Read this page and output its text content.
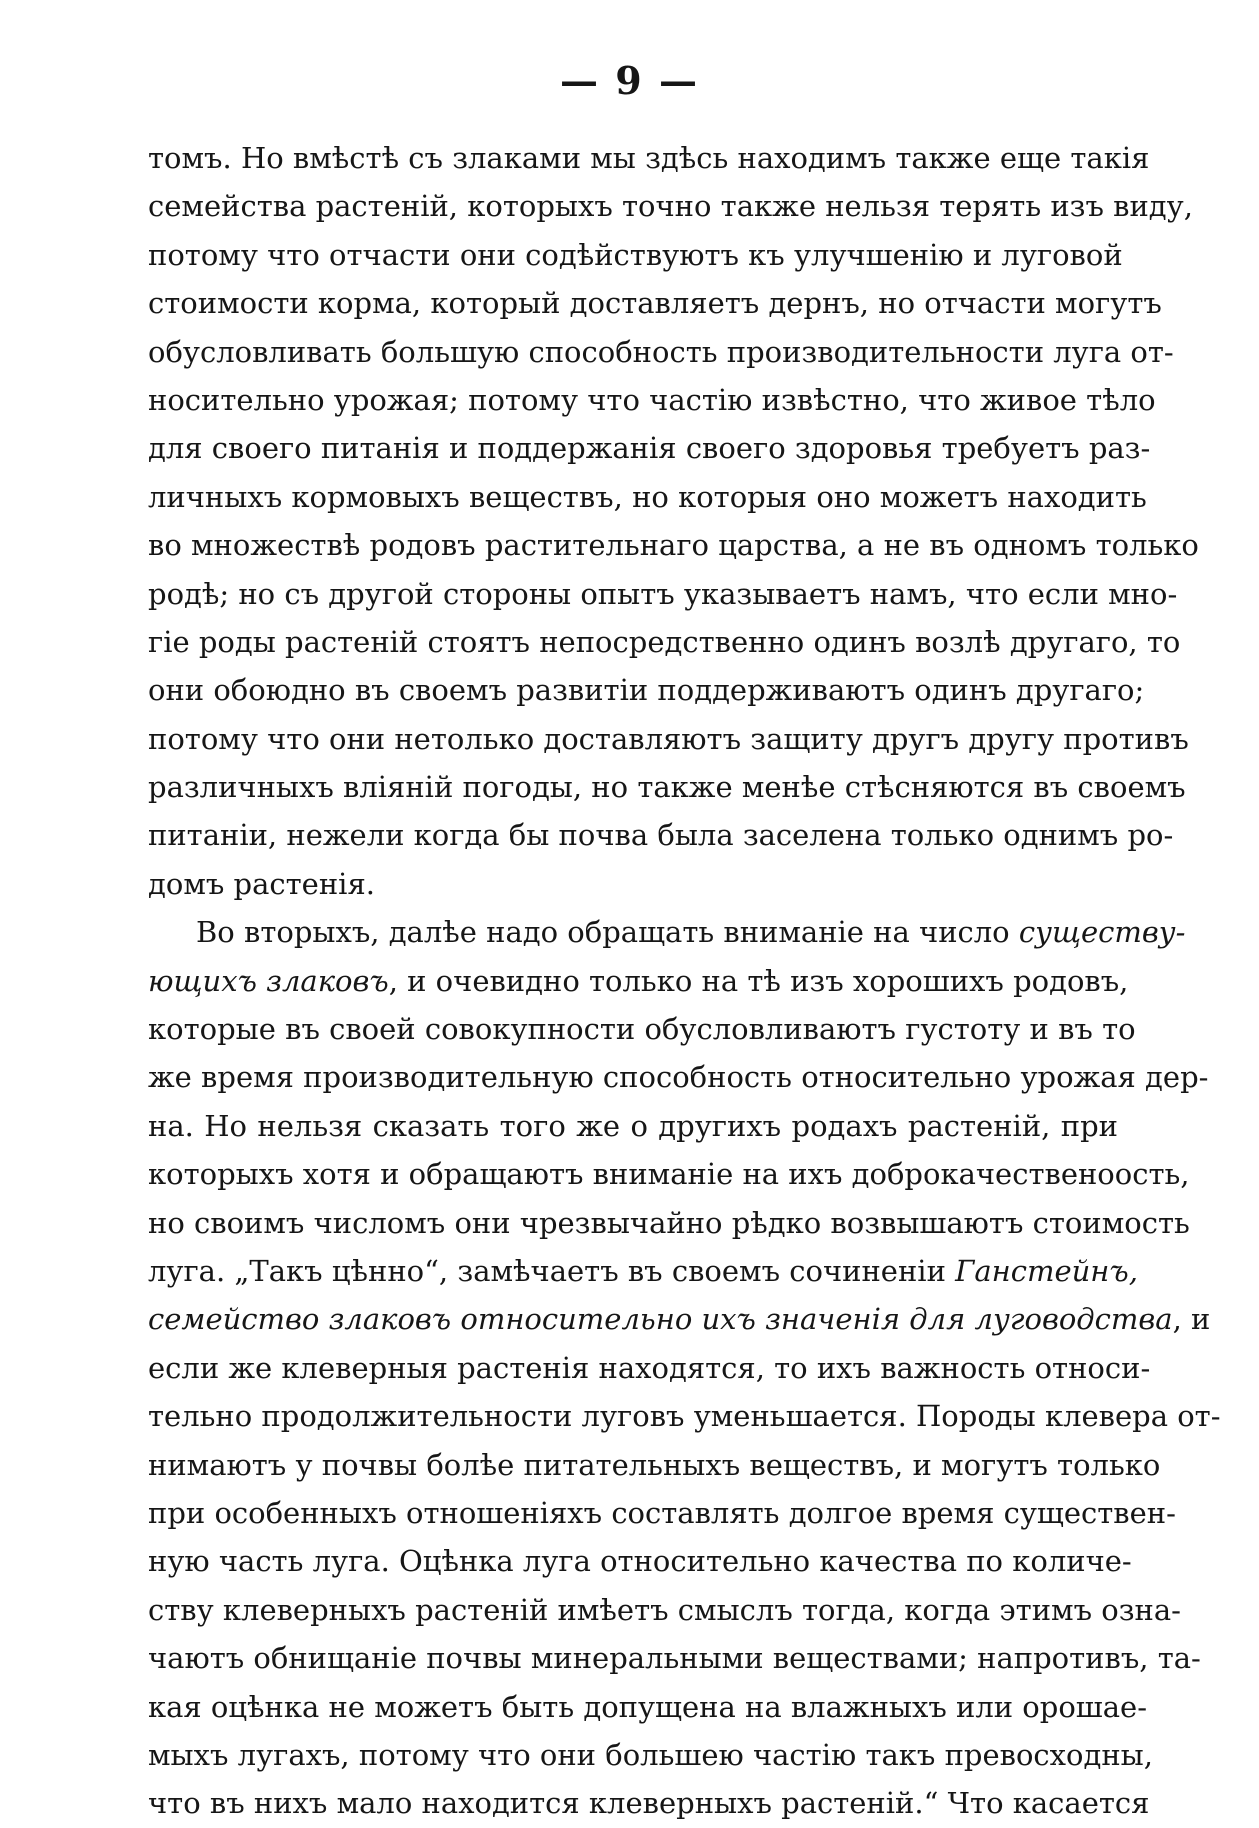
— 9 —
томъ. Но вмѣстѣ съ злаками мы здѣсь находимъ также еще такія
семейства растеній, которыхъ точно также нельзя терять изъ виду,
потому что отчасти они содѣйствуютъ къ улучшенію и луговой
стоимости корма, который доставляетъ дернъ, но отчасти могутъ
обусловливать большую способность производительности луга от-
носительно урожая; потому что частію извѣстно, что живое тѣло
для своего питанія и поддержанія своего здоровья требуетъ раз-
личныхъ кормовыхъ веществъ, но которыя оно можетъ находить
во множествѣ родовъ растительнаго царства, а не въ одномъ только
родѣ; но съ другой стороны опытъ указываетъ намъ, что если мно-
гіе роды растеній стоятъ непосредственно одинъ возлѣ другаго, то
они обоюдно въ своемъ развитіи поддерживаютъ одинъ другаго;
потому что они нетолько доставляютъ защиту другъ другу противъ
различныхъ вліяній погоды, но также менѣе стѣсняются въ своемъ
питаніи, нежели когда бы почва была заселена только однимъ ро-
домъ растенія.
Во вторыхъ, далѣе надо обращать вниманіе на число существу-
ющихъ злаковъ, и очевидно только на тѣ изъ хорошихъ родовъ,
которые въ своей совокупности обусловливаютъ густоту и въ то
же время производительную способность относительно урожая дер-
на. Но нельзя сказать того же о другихъ родахъ растеній, при
которыхъ хотя и обращаютъ вниманіе на ихъ доброкачественоость,
но своимъ числомъ они чрезвычайно рѣдко возвышаютъ стоимость
луга. „Такъ цѣнно“, замѣчаетъ въ своемъ сочиненіи Ганстейнъ,
семейство злаковъ относительно ихъ значенія для луговодства, и
если же клеверныя растенія находятся, то ихъ важность относи-
тельно продолжительности луговъ уменьшается. Породы клевера от-
нимаютъ у почвы болѣе питательныхъ веществъ, и могутъ только
при особенныхъ отношеніяхъ составлять долгое время существен-
ную часть луга. Оцѣнка луга относительно качества по количе-
ству клеверныхъ растеній имѣетъ смыслъ тогда, когда этимъ озна-
чаютъ обнищаніе почвы минеральными веществами; напротивъ, та-
кая оцѣнка не можетъ быть допущена на влажныхъ или орошае-
мыхъ лугахъ, потому что они большею частію такъ превосходны,
что въ нихъ мало находится клеверныхъ растеній.“ Что касается
